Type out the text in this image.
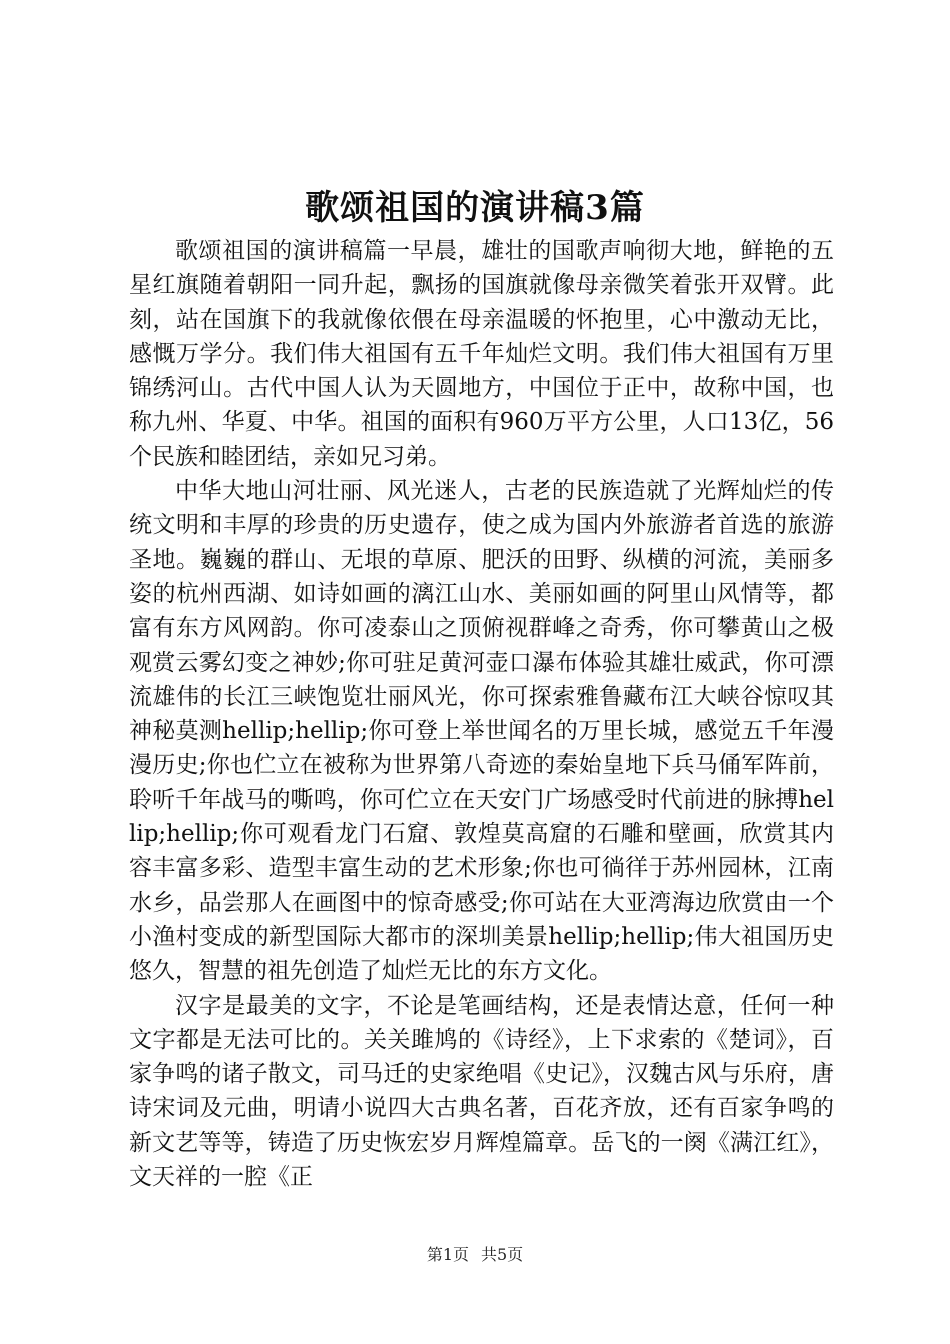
歌颂祖国的演讲稿3篇

歌颂祖国的演讲稿篇一早晨，雄壮的国歌声响彻大地，鲜艳的五星红旗随着朝阳一同升起，飘扬的国旗就像母亲微笑着张开双臂。此刻，站在国旗下的我就像依偎在母亲温暖的怀抱里，心中激动无比，感慨万学分。我们伟大祖国有五千年灿烂文明。我们伟大祖国有万里锦绣河山。古代中国人认为天圆地方，中国位于正中，故称中国，也称九州、华夏、中华。祖国的面积有960万平方公里，人口13亿，56个民族和睦团结，亲如兄习弟。

中华大地山河壮丽、风光迷人，古老的民族造就了光辉灿烂的传统文明和丰厚的珍贵的历史遗存，使之成为国内外旅游者首选的旅游圣地。巍巍的群山、无垠的草原、肥沃的田野、纵横的河流，美丽多姿的杭州西湖、如诗如画的漓江山水、美丽如画的阿里山风情等，都富有东方风网韵。你可凌泰山之顶俯视群峰之奇秀，你可攀黄山之极观赏云雾幻变之神妙;你可驻足黄河壶口瀑布体验其雄壮威武，你可漂流雄伟的长江三峡饱览壮丽风光，你可探索雅鲁藏布江大峡谷惊叹其神秘莫测hellip;hellip;你可登上举世闻名的万里长城，感觉五千年漫漫历史;你也伫立在被称为世界第八奇迹的秦始皇地下兵马俑军阵前，聆听千年战马的嘶鸣，你可伫立在天安门广场感受时代前进的脉搏hellip;hellip;你可观看龙门石窟、敦煌莫高窟的石雕和壁画，欣赏其内容丰富多彩、造型丰富生动的艺术形象;你也可徜徉于苏州园林，江南水乡，品尝那人在画图中的惊奇感受;你可站在大亚湾海边欣赏由一个小渔村变成的新型国际大都市的深圳美景hellip;hellip;伟大祖国历史悠久，智慧的祖先创造了灿烂无比的东方文化。

汉字是最美的文字，不论是笔画结构，还是表情达意，任何一种文字都是无法可比的。关关雎鸠的《诗经》，上下求索的《楚词》，百家争鸣的诸子散文，司马迁的史家绝唱《史记》，汉魏古风与乐府，唐诗宋词及元曲，明请小说四大古典名著，百花齐放，还有百家争鸣的新文艺等等，铸造了历史恢宏岁月辉煌篇章。岳飞的一阕《满江红》，文天祥的一腔《正

第1页 共5页
